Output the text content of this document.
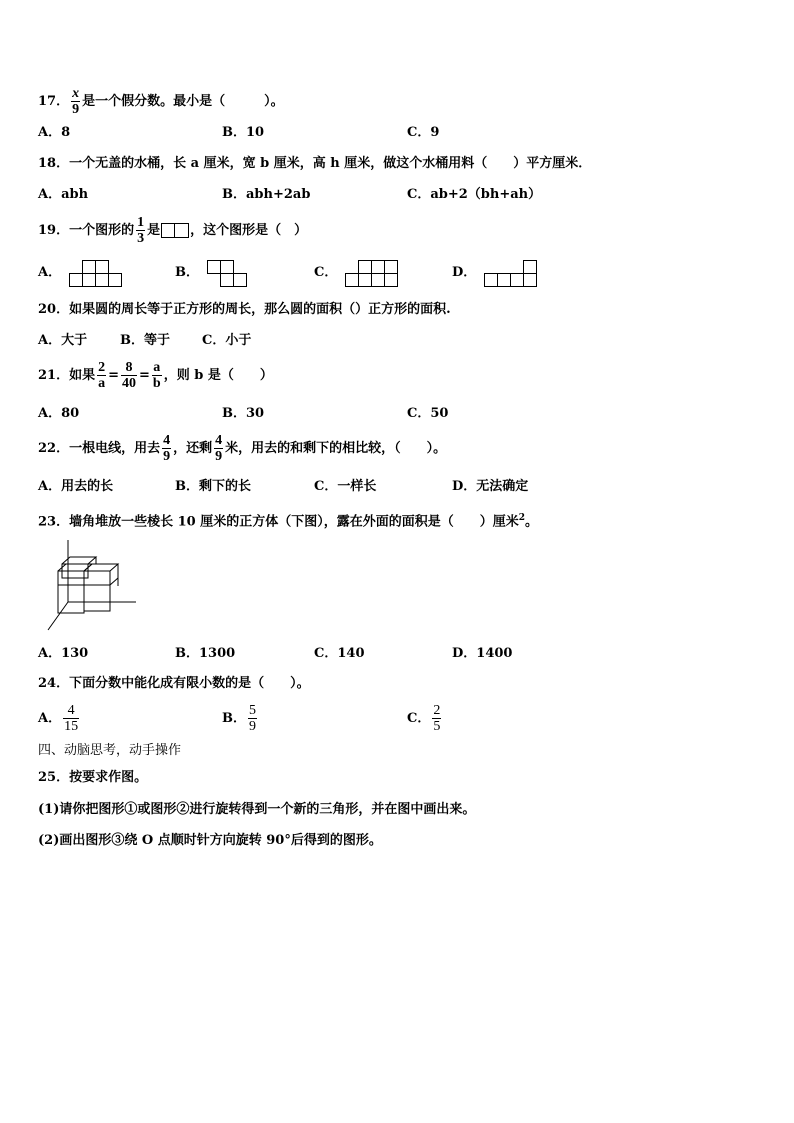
17． $\frac{x}{9}$ 是一个假分数。最小是（　　　）。
A．8	B．10	C．9
18．一个无盖的水桶，长 a 厘米，宽 b 厘米，高 h 厘米，做这个水桶用料（　　）平方厘米．
A．abh	B．abh+2ab	C．ab+2（bh+ah）
19．一个图形的 $\frac{1}{3}$ 是 ，这个图形是（　）
A．	B．	C．	D．
20．如果圆的周长等于正方形的周长，那么圆的面积（）正方形的面积.
A．大于	B．等于 C．小于
21．如果 $\frac{2}{a} = \frac{8}{40} = \frac{a}{b}$ ，则 b 是（　　）
A．80	B．30	C．50
22．一根电线，用去 $\frac{4}{9}$ ，还剩 $\frac{4}{9}$ 米，用去的和剩下的相比较，（　　）。
A．用去的长	B．剩下的长	C．一样长	D．无法确定
23．墙角堆放一些棱长 10 厘米的正方体（下图），露在外面的面积是（　　）厘米$^2$。
A．130	B．1300	C．140	D．1400
24．下面分数中能化成有限小数的是（　　）。
A． $\frac{4}{15}$	B． $\frac{5}{9}$	C． $\frac{2}{5}$
四、动脑思考，动手操作
25．按要求作图。
(1)请你把图形①或图形②进行旋转得到一个新的三角形，并在图中画出来。
(2)画出图形③绕 O 点顺时针方向旋转 90°后得到的图形。
